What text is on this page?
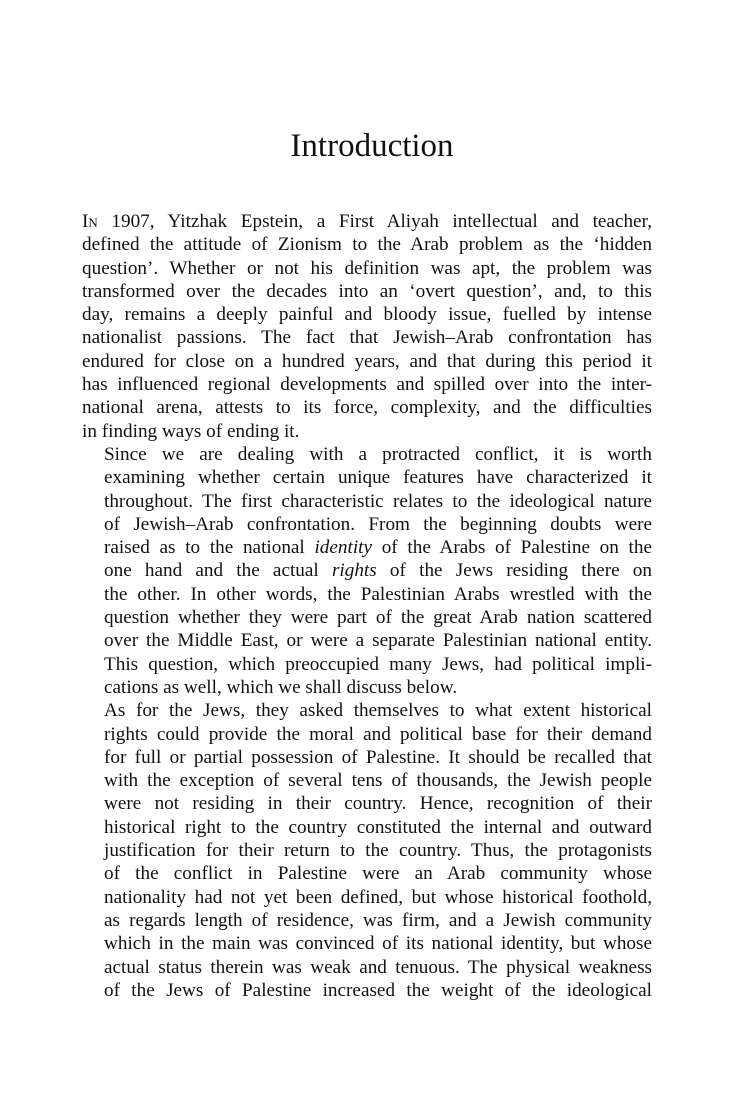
Introduction

In 1907, Yitzhak Epstein, a First Aliyah intellectual and teacher,
defined the attitude of Zionism to the Arab problem as the ‘hidden
question’. Whether or not his definition was apt, the problem was
transformed over the decades into an ‘overt question’, and, to this
day, remains a deeply painful and bloody issue, fuelled by intense
nationalist passions. The fact that Jewish–Arab confrontation has
endured for close on a hundred years, and that during this period it
has influenced regional developments and spilled over into the inter-
national arena, attests to its force, complexity, and the difficulties
in finding ways of ending it.

Since we are dealing with a protracted conflict, it is worth
examining whether certain unique features have characterized it
throughout. The first characteristic relates to the ideological nature
of Jewish–Arab confrontation. From the beginning doubts were
raised as to the national identity of the Arabs of Palestine on the
one hand and the actual rights of the Jews residing there on
the other. In other words, the Palestinian Arabs wrestled with the
question whether they were part of the great Arab nation scattered
over the Middle East, or were a separate Palestinian national entity.
This question, which preoccupied many Jews, had political impli-
cations as well, which we shall discuss below.

As for the Jews, they asked themselves to what extent historical
rights could provide the moral and political base for their demand
for full or partial possession of Palestine. It should be recalled that
with the exception of several tens of thousands, the Jewish people
were not residing in their country. Hence, recognition of their
historical right to the country constituted the internal and outward
justification for their return to the country. Thus, the protagonists
of the conflict in Palestine were an Arab community whose
nationality had not yet been defined, but whose historical foothold,
as regards length of residence, was firm, and a Jewish community
which in the main was convinced of its national identity, but whose
actual status therein was weak and tenuous. The physical weakness
of the Jews of Palestine increased the weight of the ideological
